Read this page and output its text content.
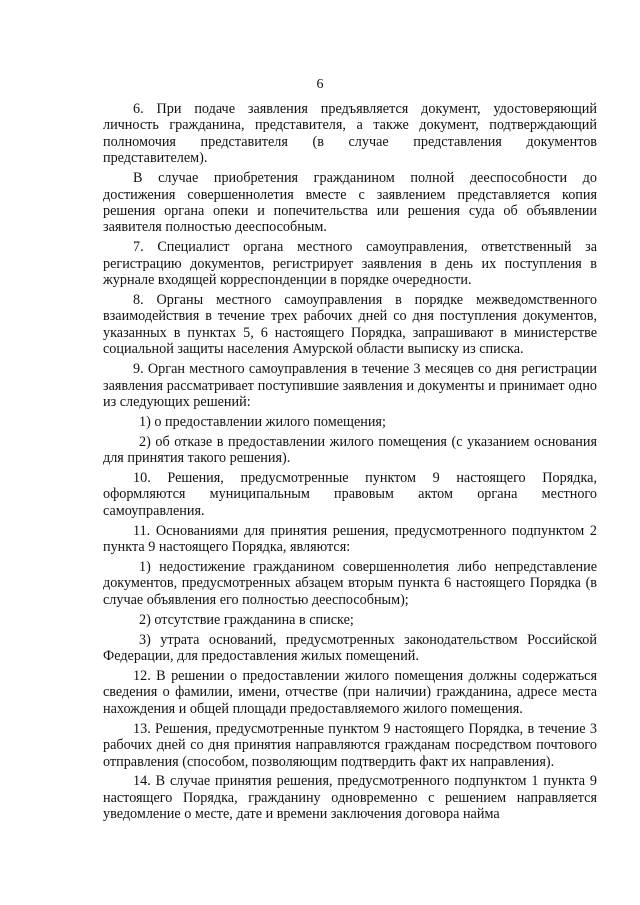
6

6. При подаче заявления предъявляется документ, удостоверяющий личность гражданина, представителя, а также документ, подтверждающий полномочия представителя (в случае представления документов представителем).

В случае приобретения гражданином полной дееспособности до достижения совершеннолетия вместе с заявлением представляется копия решения органа опеки и попечительства или решения суда об объявлении заявителя полностью дееспособным.

7. Специалист органа местного самоуправления, ответственный за регистрацию документов, регистрирует заявления в день их поступления в журнале входящей корреспонденции в порядке очередности.

8. Органы местного самоуправления в порядке межведомственного взаимодействия в течение трех рабочих дней со дня поступления документов, указанных в пунктах 5, 6 настоящего Порядка, запрашивают в министерстве социальной защиты населения Амурской области выписку из списка.

9. Орган местного самоуправления в течение 3 месяцев со дня регистрации заявления рассматривает поступившие заявления и документы и принимает одно из следующих решений:

1) о предоставлении жилого помещения;

2) об отказе в предоставлении жилого помещения (с указанием основания для принятия такого решения).

10. Решения, предусмотренные пунктом 9 настоящего Порядка, оформляются муниципальным правовым актом органа местного самоуправления.

11. Основаниями для принятия решения, предусмотренного подпунктом 2 пункта 9 настоящего Порядка, являются:

1) недостижение гражданином совершеннолетия либо непредставление документов, предусмотренных абзацем вторым пункта 6 настоящего Порядка (в случае объявления его полностью дееспособным);

2) отсутствие гражданина в списке;

3) утрата оснований, предусмотренных законодательством Российской Федерации, для предоставления жилых помещений.

12. В решении о предоставлении жилого помещения должны содержаться сведения о фамилии, имени, отчестве (при наличии) гражданина, адресе места нахождения и общей площади предоставляемого жилого помещения.

13. Решения, предусмотренные пунктом 9 настоящего Порядка, в течение 3 рабочих дней со дня принятия направляются гражданам посредством почтового отправления (способом, позволяющим подтвердить факт их направления).

14. В случае принятия решения, предусмотренного подпунктом 1 пункта 9 настоящего Порядка, гражданину одновременно с решением направляется уведомление о месте, дате и времени заключения договора найма
